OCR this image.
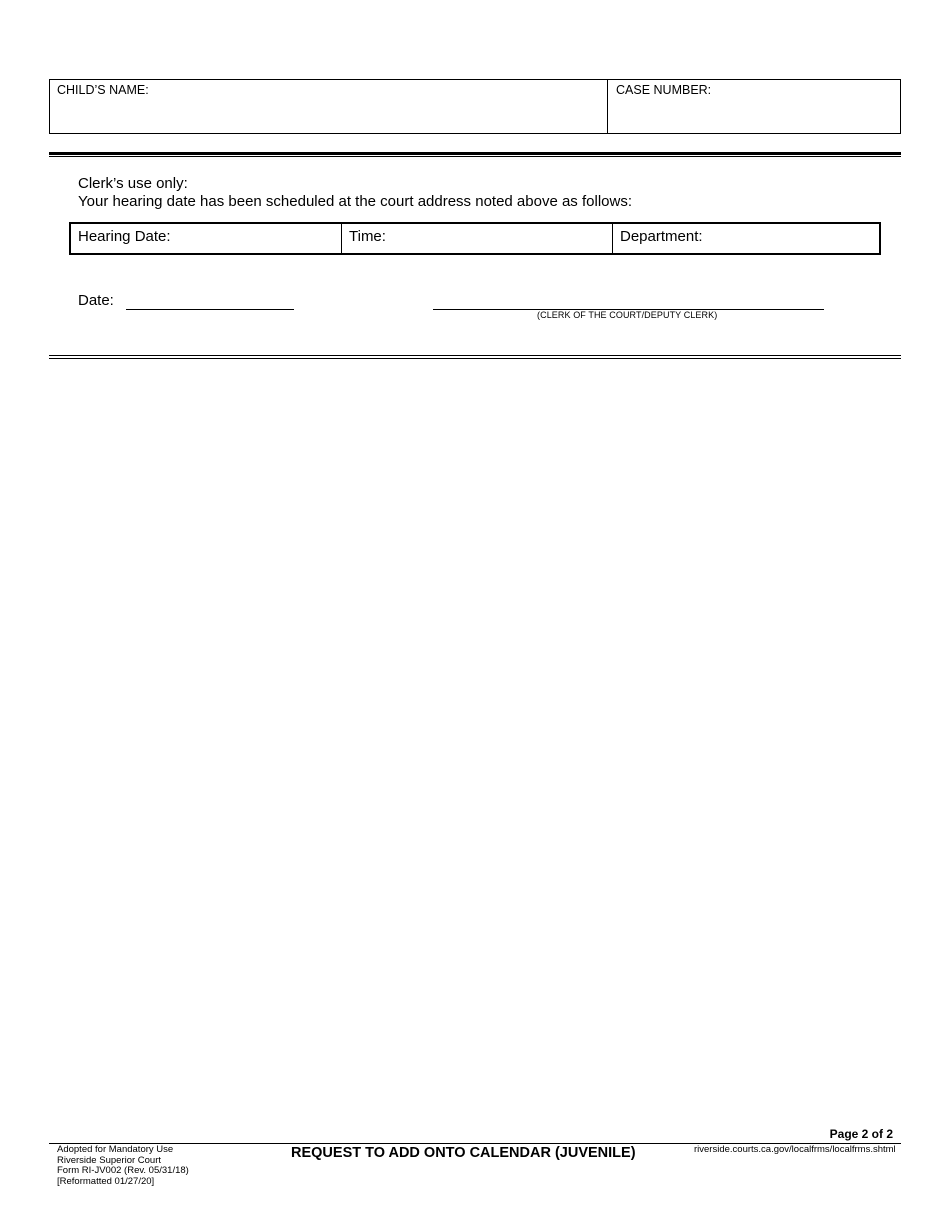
CHILD’S NAME:	CASE NUMBER:
Clerk’s use only:
Your hearing date has been scheduled at the court address noted above as follows:
Hearing Date:	Time:	Department:
Date:
(CLERK OF THE COURT/DEPUTY CLERK)
Page 2 of 2
Adopted for Mandatory Use
Riverside Superior Court
Form RI-JV002 (Rev. 05/31/18)
[Reformatted 01/27/20]
REQUEST TO ADD ONTO CALENDAR (JUVENILE)	riverside.courts.ca.gov/localfrms/localfrms.shtml
